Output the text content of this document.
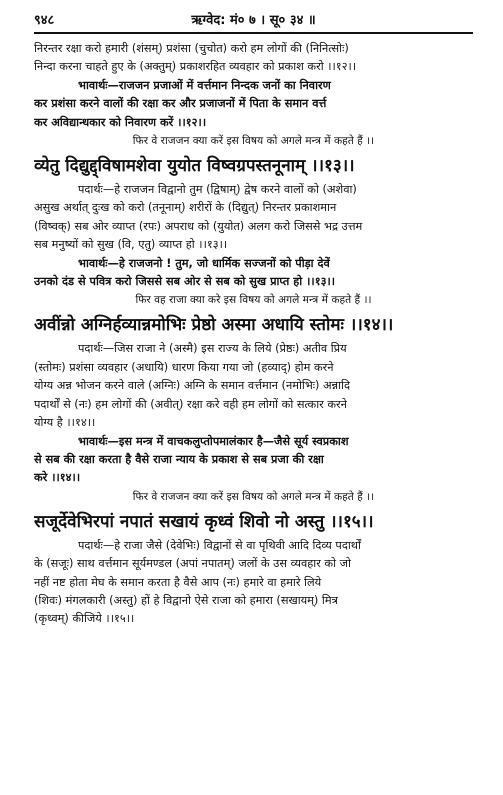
९४८	ऋग्वेद: मं० ७ । सू० ३४ ॥
निरन्तर रक्षा करो हमारी (शंसम्) प्रशंसा (चुचोत) करो हम लोगों की (निनित्सोः)
निन्दा करना चाहते हुए के (अक्तुम्) प्रकाशरहित व्यवहार को प्रकाश करो ।।१२।।
भावार्थः—राजजन प्रजाओं में वर्त्तमान निन्दक जनों का निवारण
कर प्रशंसा करने वालों की रक्षा कर और प्रजाजनों में पिता के समान वर्त्त
कर अविद्यान्धकार को निवारण करें ।।१२।।
फिर वे राजजन क्या करें इस विषय को अगले मन्त्र में कहते हैं ।।
व्येतु दिद्युद्द्विषामशेवा युयोत विष्वग्रपस्तनूनाम् ।।१३।।
पदार्थः—हे राजजन विद्वानो तुम (द्विषाम्) द्वेष करने वालों को (अशेवा)
असुख अर्थात् दुःख को करो (तनूनाम्) शरीरों के (दिद्युत्) निरन्तर प्रकाशमान
(विष्वक्) सब ओर व्याप्त (रपः) अपराध को (युयोत) अलग करो जिससे भद्र उत्तम
सब मनुष्यों को सुख (वि, एतु) व्याप्त हो ।।१३।।
भावार्थः—हे राजजनो ! तुम, जो धार्मिक सज्जनों को पीड़ा देवें
उनको दंड से पवित्र करो जिससे सब ओर से सब को सुख प्राप्त हो ।।१३।।
फिर वह राजा क्या करे इस विषय को अगले मन्त्र में कहते हैं ।।
अवींन्नो अग्निर्हव्यान्नमोभिः प्रेष्ठो अस्मा अधायि स्तोमः ।।१४।।
पदार्थः—जिस राजा ने (अस्मै) इस राज्य के लिये (प्रेष्ठः) अतीव प्रिय
(स्तोमः) प्रशंसा व्यवहार (अधायि) धारण किया गया जो (हव्याद्) होम करने
योग्य अन्न भोजन करने वाले (अग्निः) अग्नि के समान वर्त्तमान (नमोभिः) अन्नादि
पदार्थों से (नः) हम लोगों की (अवीत्) रक्षा करे वही हम लोगों को सत्कार करने
योग्य है ।।१४।।
भावार्थः—इस मन्त्र में वाचकलुप्तोपमालंकार है—जैसे सूर्य स्वप्रकाश
से सब की रक्षा करता है वैसे राजा न्याय के प्रकाश से सब प्रजा की रक्षा
करे ।।१४।।
फिर वे राजजन क्या करें इस विषय को अगले मन्त्र में कहते हैं ।।
सजूर्देवेभिरपां नपातं सखायं कृध्वं शिवो नो अस्तु ।।१५।।
पदार्थः—हे राजा जैसे (देवेभिः) विद्वानों से वा पृथिवी आदि दिव्य पदार्थों
के (सजूः) साथ वर्त्तमान सूर्यमण्डल (अपां नपातम्) जलों के उस व्यवहार को जो
नहीं नष्ट होता मेघ के समान करता है वैसे आप (नः) हमारे वा हमारे लिये
(शिवः) मंगलकारी (अस्तु) हों हे विद्वानो ऐसे राजा को हमारा (सखायम्) मित्र
(कृध्वम्) कीजिये ।।१५।।
